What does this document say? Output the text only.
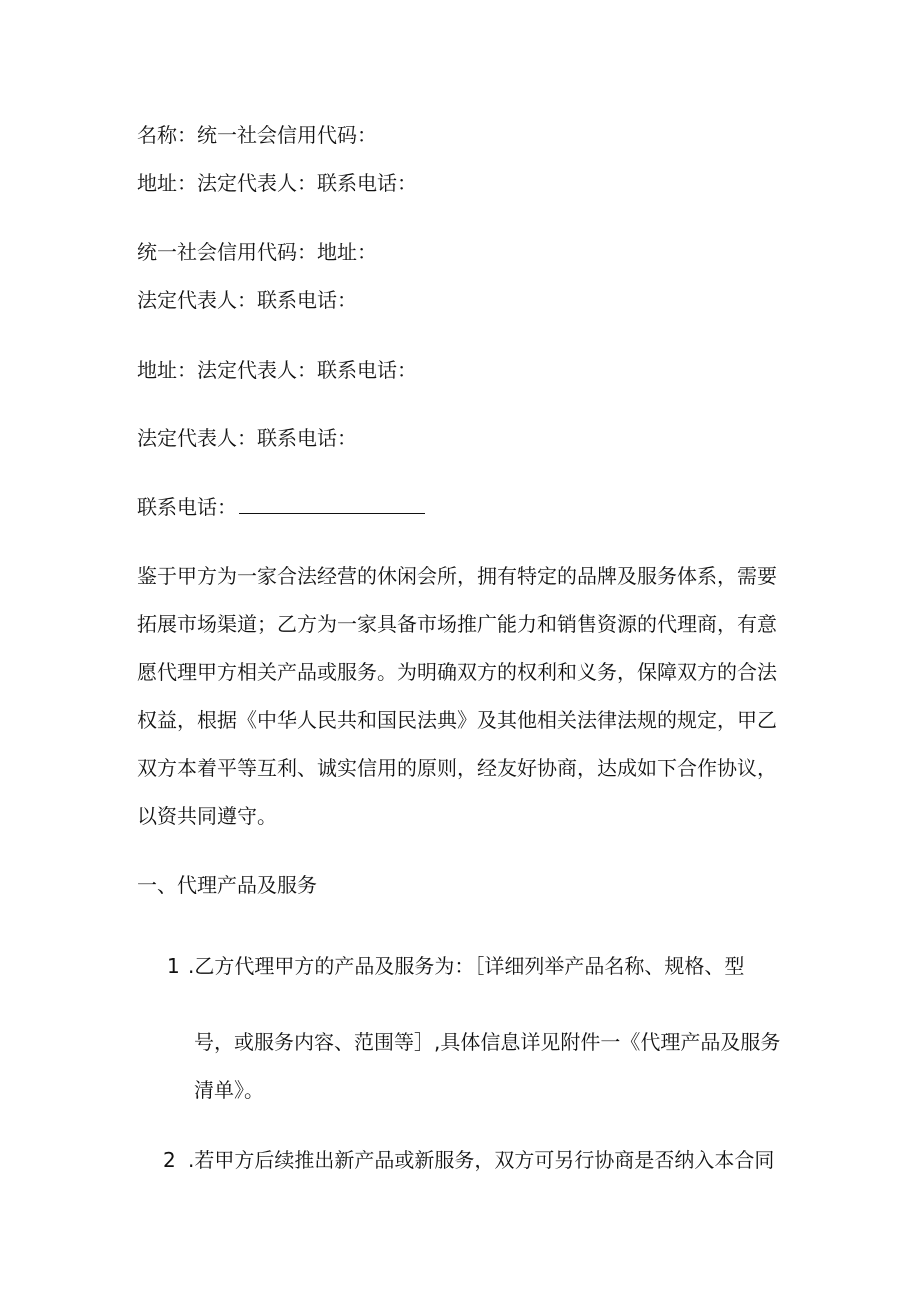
名称：统一社会信用代码：
地址：法定代表人：联系电话：
统一社会信用代码：地址：
法定代表人：联系电话：
地址：法定代表人：联系电话：
法定代表人：联系电话：
联系电话：
鉴于甲方为一家合法经营的休闲会所，拥有特定的品牌及服务体系，需要
拓展市场渠道；乙方为一家具备市场推广能力和销售资源的代理商，有意
愿代理甲方相关产品或服务。为明确双方的权利和义务，保障双方的合法
权益，根据《中华人民共和国民法典》及其他相关法律法规的规定，甲乙
双方本着平等互利、诚实信用的原则，经友好协商，达成如下合作协议，
以资共同遵守。
一、代理产品及服务
1 .乙方代理甲方的产品及服务为：［详细列举产品名称、规格、型
号，或服务内容、范围等］,具体信息详见附件一《代理产品及服务
清单》。
2 .若甲方后续推出新产品或新服务，双方可另行协商是否纳入本合同
